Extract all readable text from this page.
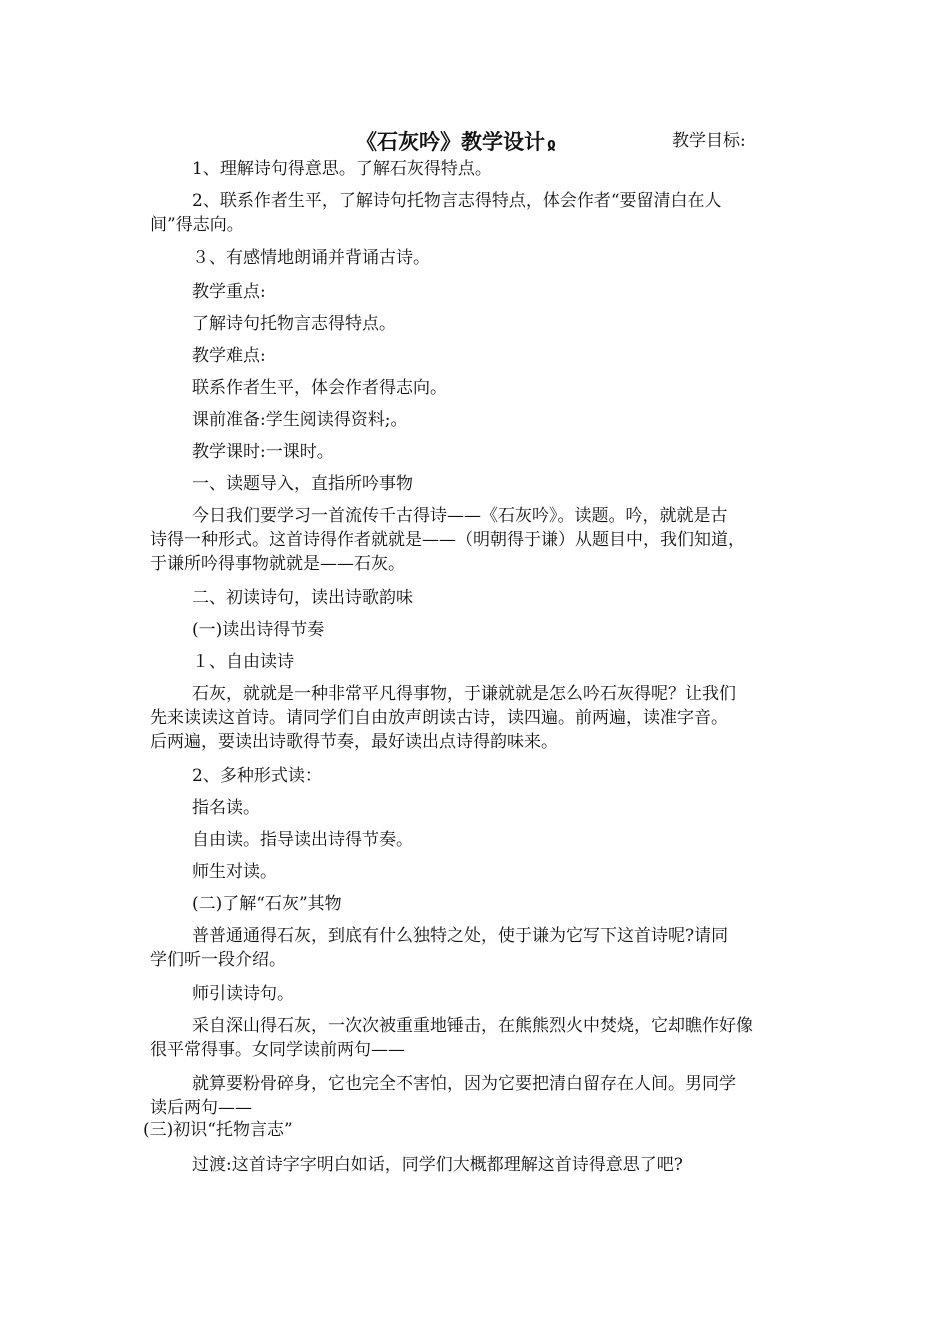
《石灰吟》教学设计 ჲ	教学目标:
1、理解诗句得意思。了解石灰得特点。
2、联系作者生平，了解诗句托物言志得特点，体会作者“要留清白在人
间”得志向。
３、有感情地朗诵并背诵古诗。
教学重点:
了解诗句托物言志得特点。
教学难点:
联系作者生平，体会作者得志向。
课前准备:学生阅读得资料;。
教学课时:一课时。
一、读题导入，直指所吟事物
今日我们要学习一首流传千古得诗——《石灰吟》。读题。吟，就就是古
诗得一种形式。这首诗得作者就就是——（明朝得于谦）从题目中，我们知道，
于谦所吟得事物就就是——石灰。
二、初读诗句，读出诗歌韵味
(一)读出诗得节奏
１、自由读诗
石灰，就就是一种非常平凡得事物，于谦就就是怎么吟石灰得呢？让我们
先来读读这首诗。请同学们自由放声朗读古诗，读四遍。前两遍，读准字音。
后两遍，要读出诗歌得节奏，最好读出点诗得韵味来。
2、多种形式读：
指名读。
自由读。指导读出诗得节奏。
师生对读。
(二)了解“石灰”其物
普普通通得石灰，到底有什么独特之处，使于谦为它写下这首诗呢?请同
学们听一段介绍。
师引读诗句。
采自深山得石灰，一次次被重重地锤击，在熊熊烈火中焚烧，它却瞧作好像
很平常得事。女同学读前两句——
就算要粉骨碎身，它也完全不害怕，因为它要把清白留存在人间。男同学
读后两句——
(三)初识“托物言志”
过渡:这首诗字字明白如话，同学们大概都理解这首诗得意思了吧?
